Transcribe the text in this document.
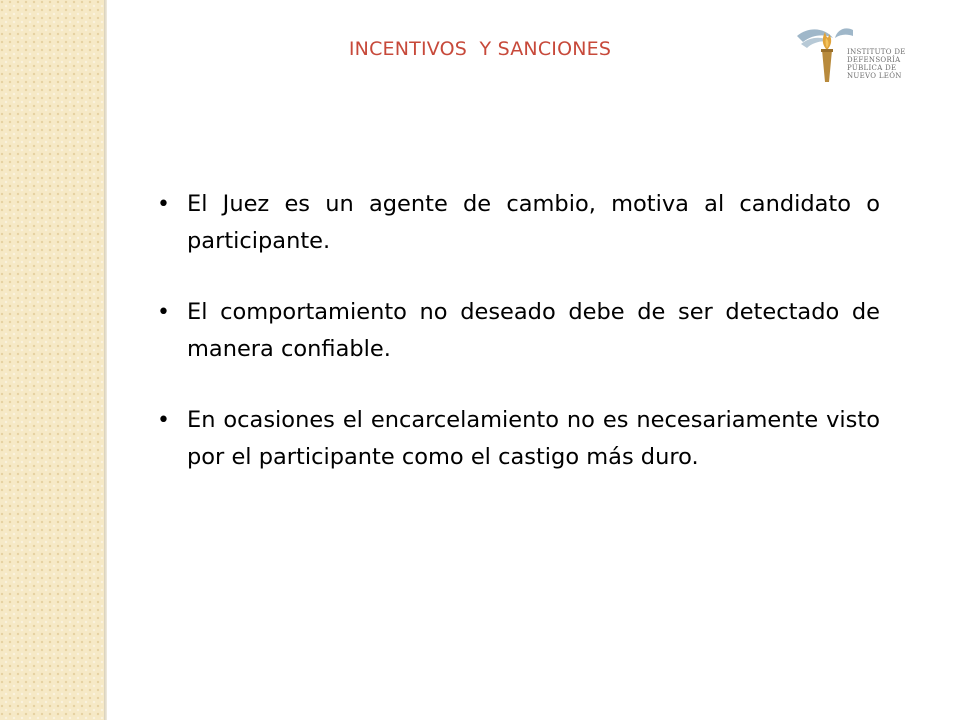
INCENTIVOS  Y SANCIONES	INSTITUTO DE
DEFENSORÍA
PÚBLICA DE
NUEVO LEÓN
• El Juez es un agente de cambio, motiva al candidato o participante.
• El comportamiento no deseado debe de ser detectado de manera confiable.
• En ocasiones el encarcelamiento no es necesariamente visto por el participante como el castigo más duro.
